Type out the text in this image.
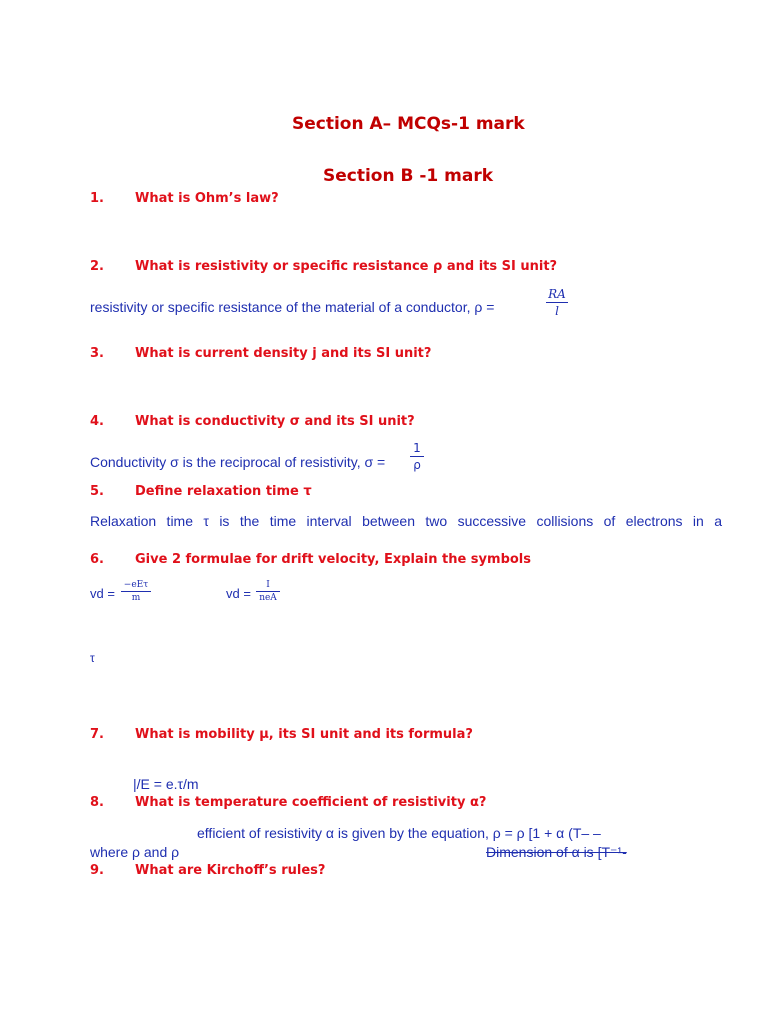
Section A– MCQs-1 mark
Section B -1 mark
1. What is Ohm’s law?
2. What is resistivity or specific resistance ρ and its SI unit?
resistivity or specific resistance of the material of a conductor, ρ =
RA
l
3. What is current density j and its SI unit?
4. What is conductivity σ and its SI unit?
Conductivity σ is the reciprocal of resistivity, σ =
1
ρ
5. Define relaxation time τ
Relaxation time τ is the time interval between two successive collisions of electrons in a
6. Give 2 formulae for drift velocity, Explain the symbols
vd =
−eEτ
m	vd =
I
neA
τ
7. What is mobility μ, its SI unit and its formula?
|/E = e.τ/m
8. What is temperature coefficient of resistivity α?
efficient of resistivity α is given by the equation, ρ = ρ [1 + α (T– –
where ρ and ρ	Dimension of α is [T⁻¹-
9. What are Kirchoff’s rules?
